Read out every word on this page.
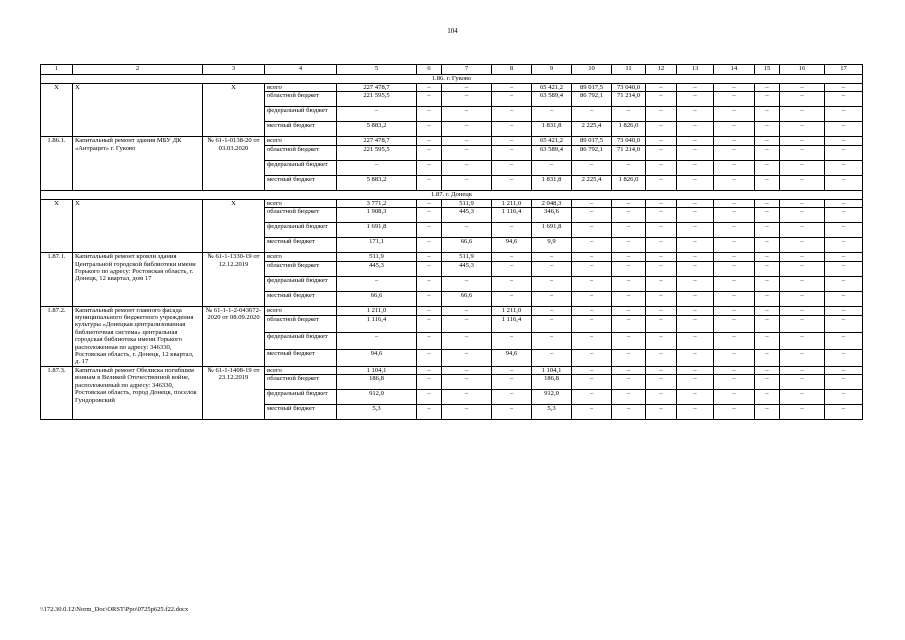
104
1	2	3	4	5	6	7	8	9	10	11	12	13	14	15	16	17
1.86. г. Гуково																
Х	Х	Х	всего	227 478,7	–	–	–	65 421,2	89 017,5	73 040,0	–	–	–	–	–	–
			областной бюджет	221 595,5	–	–	–	63 589,4	86 792,1	71 214,0	–	–	–	–	–	–
			федеральный бюджет	–	–	–	–	–	–	–	–	–	–	–	–	–
			местный бюджет	5 883,2	–	–	–	1 831,8	2 225,4	1 826,0	–	–	–	–	–	–
1.86.1.	Капитальный ремонт здания МБУ ДК «Антрацит» г. Гуково	№ 61-1-0138-20 от 03.03.2020	всего	227 478,7	–	–	–	65 421,2	89 017,5	73 040,0	–	–	–	–	–	–
			областной бюджет	221 595,5	–	–	–	63 589,4	86 792,1	71 214,0	–	–	–	–	–	–
			федеральный бюджет	–	–	–	–	–	–	–	–	–	–	–	–	–
			местный бюджет	5 883,2	–	–	–	1 831,8	2 225,4	1 826,0	–	–	–	–	–	–
1.87. г. Донецк																
Х	Х	Х	всего	3 771,2	–	511,9	1 211,0	2 048,3	–	–	–	–	–	–	–	–
			областной бюджет	1 908,3	–	445,3	1 116,4	346,6	–	–	–	–	–	–	–	–
			федеральный бюджет	1 691,8	–	–	–	1 691,8	–	–	–	–	–	–	–	–
			местный бюджет	171,1	–	66,6	94,6	9,9	–	–	–	–	–	–	–	–
1.87.1.	Капитальный ремонт кровли здания Центральной городской библиотеки имени Горького по адресу: Ростовская область, г. Донецк, 12 квартал, дом 17	№ 61-1-1330-19 от 12.12.2019	всего	511,9	–	511,9	–	–	–	–	–	–	–	–	–	–
			областной бюджет	445,3	–	445,3	–	–	–	–	–	–	–	–	–	–
			федеральный бюджет	–	–	–	–	–	–	–	–	–	–	–	–	–
			местный бюджет	66,6	–	66,6	–	–	–	–	–	–	–	–	–	–
1.87.2.	Капитальный ремонт главного фасада муниципального бюджетного учреждения культуры «Донецкая централизованная библиотечная система» центральная городская библиотека имени Горького расположенная по адресу: 346330, Ростовская область, г. Донецк, 12 квартал, д. 17	№ 61-1-1-2-043672-2020 от 08.09.2020	всего	1 211,0	–	–	1 211,0	–	–	–	–	–	–	–	–	–
			областной бюджет	1 116,4	–	–	1 116,4	–	–	–	–	–	–	–	–	–
			федеральный бюджет	–	–	–	–	–	–	–	–	–	–	–	–	–
			местный бюджет	94,6	–	–	94,6	–	–	–	–	–	–	–	–	–
1.87.3.	Капитальный ремонт Обелиска погибшим воинам в Великой Отечественной войне, расположенный по адресу: 346330, Ростовская область, город Донецк, поселок Гундоровский	№ 61-1-1408-19 от 23.12.2019	всего	1 104,1	–	–	–	1 104,1	–	–	–	–	–	–	–	–
			областной бюджет	186,8	–	–	–	186,8	–	–	–	–	–	–	–	–
			федеральный бюджет	912,0	–	–	–	912,0	–	–	–	–	–	–	–	–
			местный бюджет	5,3	–	–	–	5,3	–	–	–	–	–	–	–	–
\\172.30.0.12\Norm_Doc\ORST\Ppo\0725p625.f22.docx
